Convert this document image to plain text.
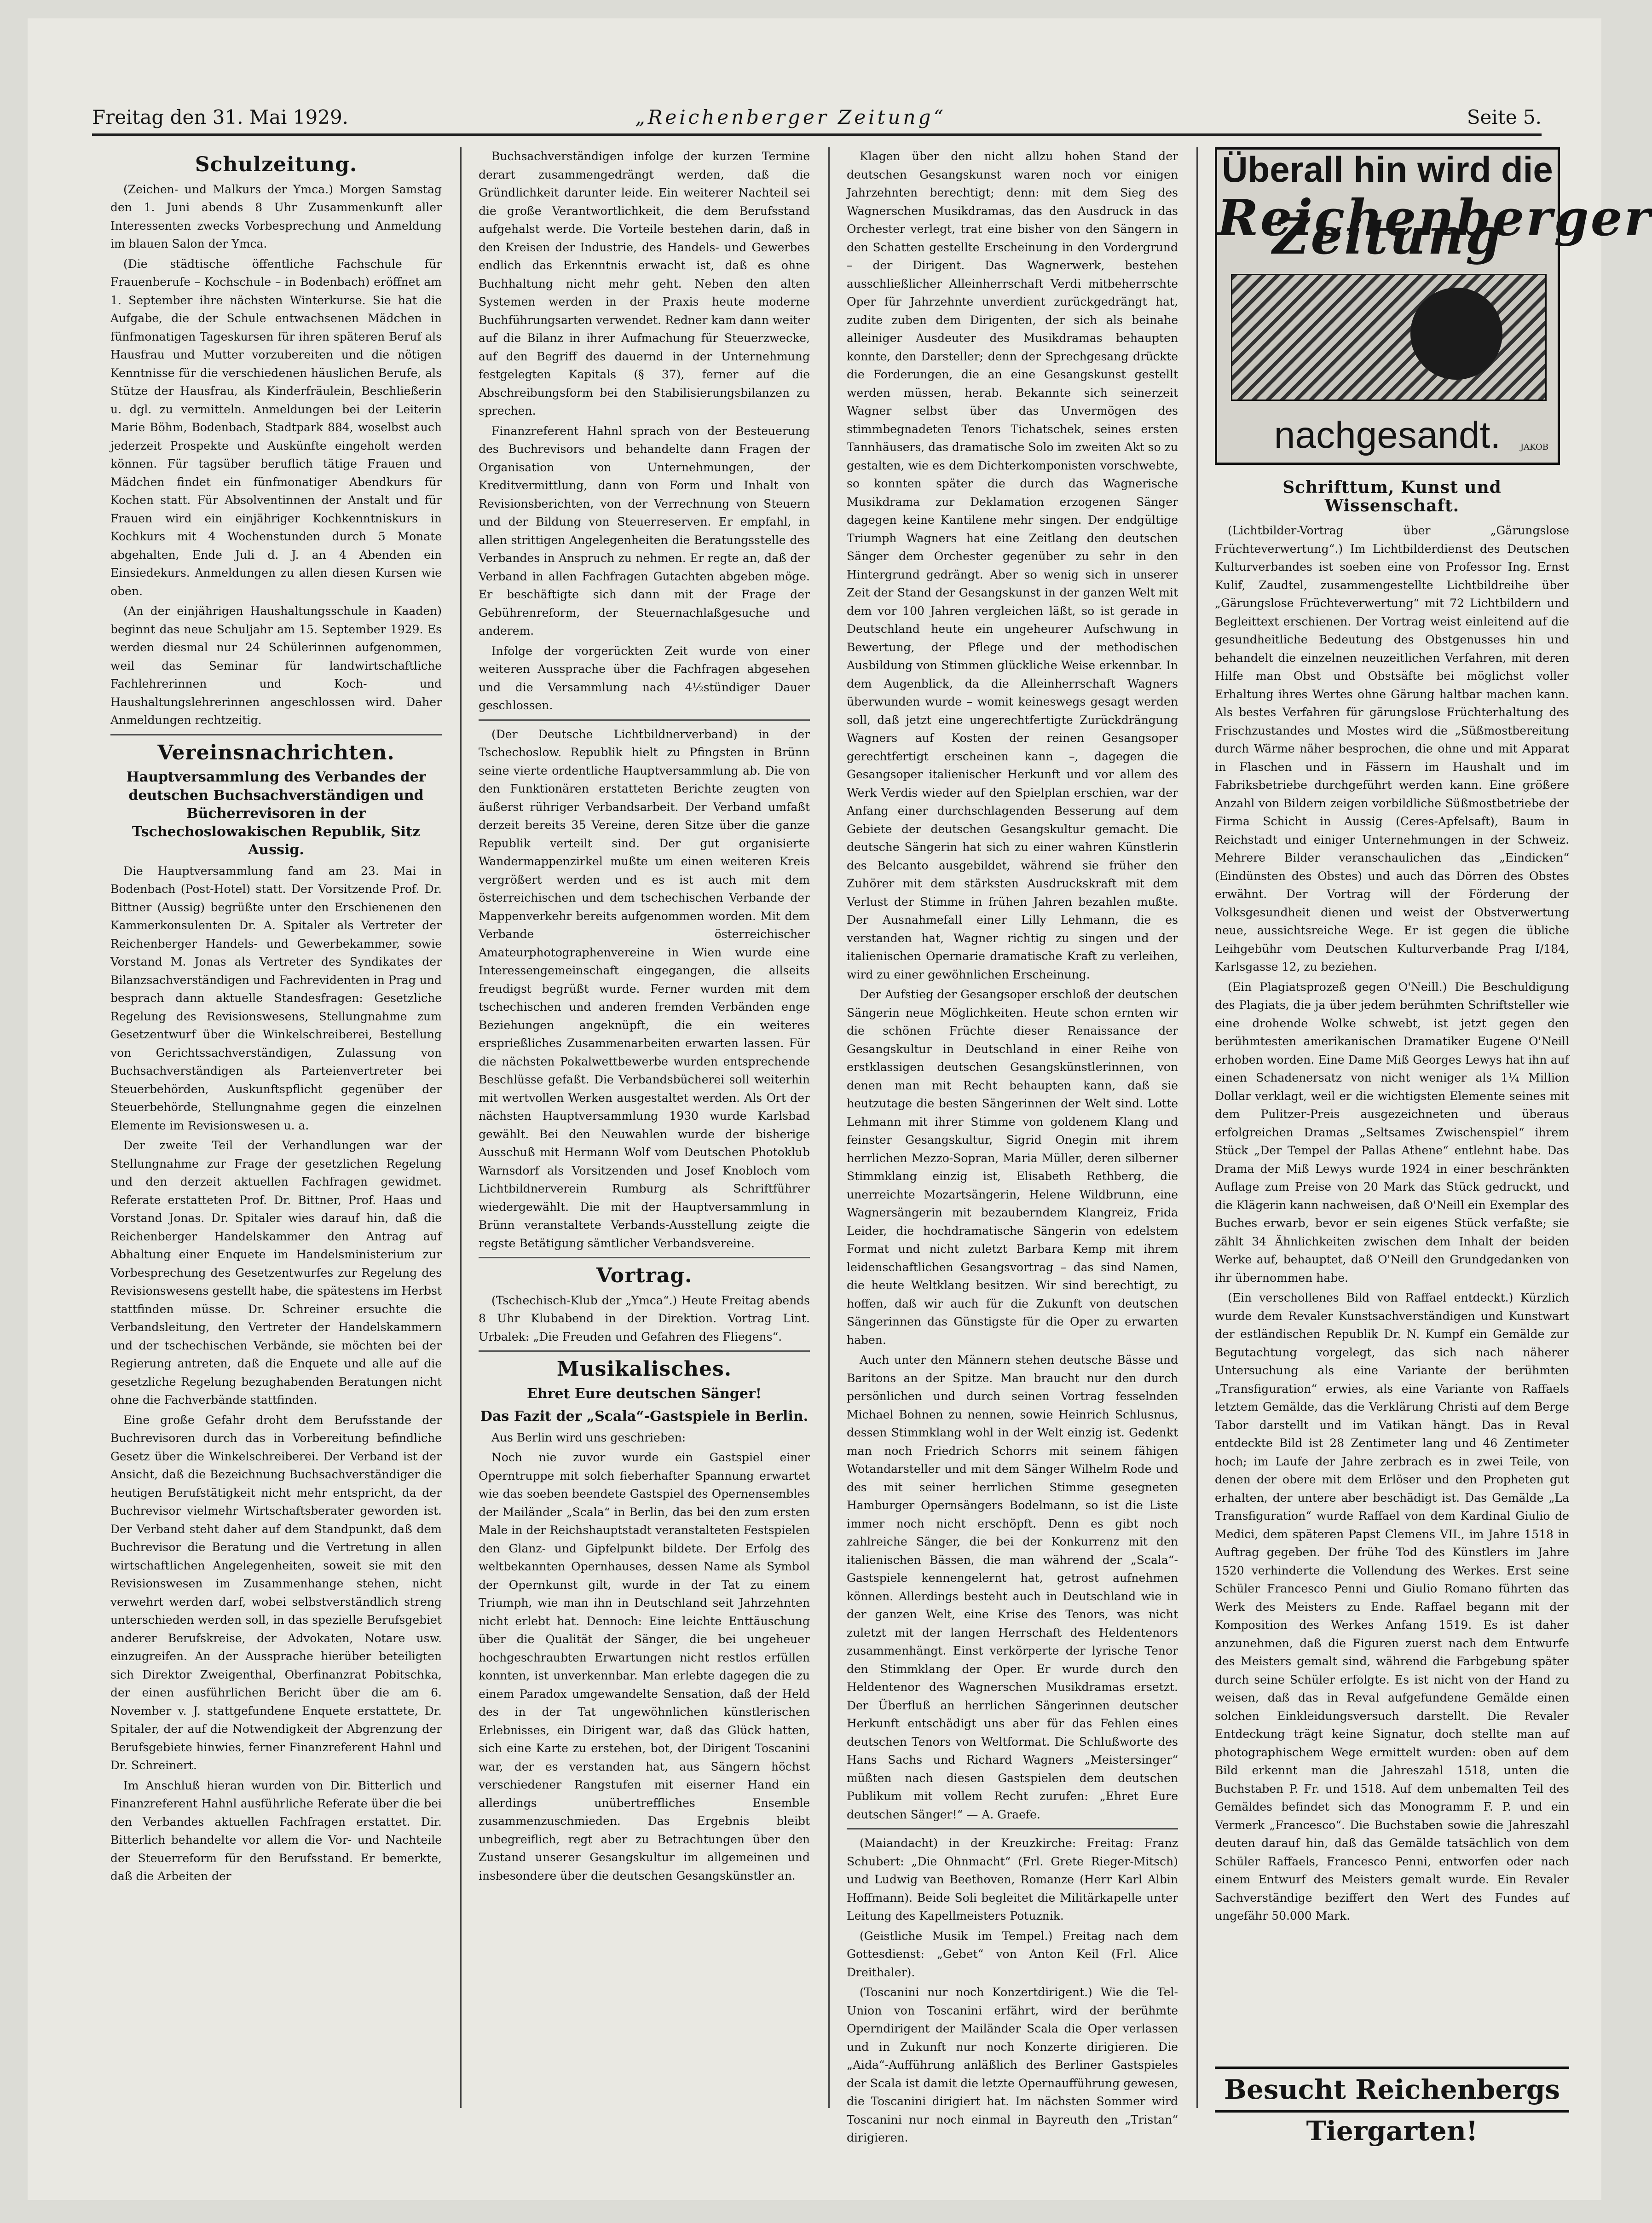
Freitag den 31. Mai 1929.	„Reichenberger Zeitung“	Seite 5.
Schulzeitung.

(Zeichen- und Malkurs der Ymca.) Morgen Samstag den 1. Juni abends 8 Uhr Zusammenkunft aller Interessenten zwecks Vorbesprechung und Anmeldung im blauen Salon der Ymca.

(Die städtische öffentliche Fachschule für Frauenberufe – Kochschule – in Bodenbach) eröffnet am 1. September ihre nächsten Winterkurse. Sie hat die Aufgabe, die der Schule entwachsenen Mädchen in fünfmonatigen Tageskursen für ihren späteren Beruf als Hausfrau und Mutter vorzubereiten und die nötigen Kenntnisse für die verschiedenen häuslichen Berufe, als Stütze der Hausfrau, als Kinderfräulein, Beschließerin u. dgl. zu vermitteln. Anmeldungen bei der Leiterin Marie Böhm, Bodenbach, Stadtpark 884, woselbst auch jederzeit Prospekte und Auskünfte eingeholt werden können. Für tagsüber beruflich tätige Frauen und Mädchen findet ein fünfmonatiger Abendkurs für Kochen statt. Für Absolventinnen der Anstalt und für Frauen wird ein einjähriger Kochkenntniskurs in Kochkurs mit 4 Wochenstunden durch 5 Monate abgehalten, Ende Juli d. J. an 4 Abenden ein Einsiedekurs. Anmeldungen zu allen diesen Kursen wie oben.

(An der einjährigen Haushaltungsschule in Kaaden) beginnt das neue Schuljahr am 15. September 1929. Es werden diesmal nur 24 Schülerinnen aufgenommen, weil das Seminar für landwirtschaftliche Fachlehrerinnen und Koch- und Haushaltungslehrerinnen angeschlossen wird. Daher Anmeldungen rechtzeitig.

Vereinsnachrichten.
Hauptversammlung des Verbandes der deutschen Buchsachverständigen und Bücherrevisoren in der Tschechoslowakischen Republik, Sitz Aussig.

Die Hauptversammlung fand am 23. Mai in Bodenbach (Post-Hotel) statt. Der Vorsitzende Prof. Dr. Bittner (Aussig) begrüßte unter den Erschienenen den Kammerkonsulenten Dr. A. Spitaler als Vertreter der Reichenberger Handels- und Gewerbekammer, sowie Vorstand M. Jonas als Vertreter des Syndikates der Bilanzsachverständigen und Fachrevidenten in Prag und besprach dann aktuelle Standesfragen: Gesetzliche Regelung des Revisionswesens, Stellungnahme zum Gesetzentwurf über die Winkelschreiberei, Bestellung von Gerichtssachverständigen, Zulassung von Buchsachverständigen als Parteienvertreter bei Steuerbehörden, Auskunftspflicht gegenüber der Steuerbehörde, Stellungnahme gegen die einzelnen Elemente im Revisionswesen u. a.

Der zweite Teil der Verhandlungen war der Stellungnahme zur Frage der gesetzlichen Regelung und den derzeit aktuellen Fachfragen gewidmet. Referate erstatteten Prof. Dr. Bittner, Prof. Haas und Vorstand Jonas. Dr. Spitaler wies darauf hin, daß die Reichenberger Handelskammer den Antrag auf Abhaltung einer Enquete im Handelsministerium zur Vorbesprechung des Gesetzentwurfes zur Regelung des Revisionswesens gestellt habe, die spätestens im Herbst stattfinden müsse. Dr. Schreiner ersuchte die Verbandsleitung, den Vertreter der Handelskammern und der tschechischen Verbände, sie möchten bei der Regierung antreten, daß die Enquete und alle auf die gesetzliche Regelung bezughabenden Beratungen nicht ohne die Fachverbände stattfinden.

Eine große Gefahr droht dem Berufsstande der Buchrevisoren durch das in Vorbereitung befindliche Gesetz über die Winkelschreiberei. Der Verband ist der Ansicht, daß die Bezeichnung Buchsachverständiger die heutigen Berufstätigkeit nicht mehr entspricht, da der Buchrevisor vielmehr Wirtschaftsberater geworden ist. Der Verband steht daher auf dem Standpunkt, daß dem Buchrevisor die Beratung und die Vertretung in allen wirtschaftlichen Angelegenheiten, soweit sie mit den Revisionswesen im Zusammenhange stehen, nicht verwehrt werden darf, wobei selbstverständlich streng unterschieden werden soll, in das spezielle Berufsgebiet anderer Berufskreise, der Advokaten, Notare usw. einzugreifen. An der Aussprache hierüber beteiligten sich Direktor Zweigenthal, Oberfinanzrat Pobitschka, der einen ausführlichen Bericht über die am 6. November v. J. stattgefundene Enquete erstattete, Dr. Spitaler, der auf die Notwendigkeit der Abgrenzung der Berufsgebiete hinwies, ferner Finanzreferent Hahnl und Dr. Schreinert.

Im Anschluß hieran wurden von Dir. Bitterlich und Finanzreferent Hahnl ausführliche Referate über die bei den Verbandes aktuellen Fachfragen erstattet. Dir. Bitterlich behandelte vor allem die Vor- und Nachteile der Steuerreform für den Berufsstand. Er bemerkte, daß die Arbeiten der

Buchsachverständigen infolge der kurzen Termine derart zusammengedrängt werden, daß die Gründlichkeit darunter leide. Ein weiterer Nachteil sei die große Verantwortlichkeit, die dem Berufsstand aufgehalst werde. Die Vorteile bestehen darin, daß in den Kreisen der Industrie, des Handels- und Gewerbes endlich das Erkenntnis erwacht ist, daß es ohne Buchhaltung nicht mehr geht. Neben den alten Systemen werden in der Praxis heute moderne Buchführungsarten verwendet. Redner kam dann weiter auf die Bilanz in ihrer Aufmachung für Steuerzwecke, auf den Begriff des dauernd in der Unternehmung festgelegten Kapitals (§ 37), ferner auf die Abschreibungsform bei den Stabilisierungsbilanzen zu sprechen.

Finanzreferent Hahnl sprach von der Besteuerung des Buchrevisors und behandelte dann Fragen der Organisation von Unternehmungen, der Kreditvermittlung, dann von Form und Inhalt von Revisionsberichten, von der Verrechnung von Steuern und der Bildung von Steuerreserven. Er empfahl, in allen strittigen Angelegenheiten die Beratungsstelle des Verbandes in Anspruch zu nehmen. Er regte an, daß der Verband in allen Fachfragen Gutachten abgeben möge. Er beschäftigte sich dann mit der Frage der Gebührenreform, der Steuernachlaßgesuche und anderem.

Infolge der vorgerückten Zeit wurde von einer weiteren Aussprache über die Fachfragen abgesehen und die Versammlung nach 4½stündiger Dauer geschlossen.

(Der Deutsche Lichtbildnerverband) in der Tschechoslow. Republik hielt zu Pfingsten in Brünn seine vierte ordentliche Hauptversammlung ab. Die von den Funktionären erstatteten Berichte zeugten von äußerst rühriger Verbandsarbeit. Der Verband umfaßt derzeit bereits 35 Vereine, deren Sitze über die ganze Republik verteilt sind. Der gut organisierte Wandermappenzirkel mußte um einen weiteren Kreis vergrößert werden und es ist auch mit dem österreichischen und dem tschechischen Verbande der Mappenverkehr bereits aufgenommen worden. Mit dem Verbande österreichischer Amateurphotographenvereine in Wien wurde eine Interessengemeinschaft eingegangen, die allseits freudigst begrüßt wurde. Ferner wurden mit dem tschechischen und anderen fremden Verbänden enge Beziehungen angeknüpft, die ein weiteres ersprießliches Zusammenarbeiten erwarten lassen. Für die nächsten Pokalwettbewerbe wurden entsprechende Beschlüsse gefaßt. Die Verbandsbücherei soll weiterhin mit wertvollen Werken ausgestaltet werden. Als Ort der nächsten Hauptversammlung 1930 wurde Karlsbad gewählt. Bei den Neuwahlen wurde der bisherige Ausschuß mit Hermann Wolf vom Deutschen Photoklub Warnsdorf als Vorsitzenden und Josef Knobloch vom Lichtbildnerverein Rumburg als Schriftführer wiedergewählt. Die mit der Hauptversammlung in Brünn veranstaltete Verbands-Ausstellung zeigte die regste Betätigung sämtlicher Verbandsvereine.

Vortrag.

(Tschechisch-Klub der „Ymca“.) Heute Freitag abends 8 Uhr Klubabend in der Direktion. Vortrag Lint. Urbalek: „Die Freuden und Gefahren des Fliegens“.

Musikalisches.
Ehret Eure deutschen Sänger!
Das Fazit der „Scala“-Gastspiele in Berlin.

Aus Berlin wird uns geschrieben:

Noch nie zuvor wurde ein Gastspiel einer Operntruppe mit solch fieberhafter Spannung erwartet wie das soeben beendete Gastspiel des Opernensembles der Mailänder „Scala“ in Berlin, das bei den zum ersten Male in der Reichshauptstadt veranstalteten Festspielen den Glanz- und Gipfelpunkt bildete. Der Erfolg des weltbekannten Opernhauses, dessen Name als Symbol der Opernkunst gilt, wurde in der Tat zu einem Triumph, wie man ihn in Deutschland seit Jahrzehnten nicht erlebt hat. Dennoch: Eine leichte Enttäuschung über die Qualität der Sänger, die bei ungeheuer hochgeschraubten Erwartungen nicht restlos erfüllen konnten, ist unverkennbar. Man erlebte dagegen die zu einem Paradox umgewandelte Sensation, daß der Held des in der Tat ungewöhnlichen künstlerischen Erlebnisses, ein Dirigent war, daß das Glück hatten, sich eine Karte zu erstehen, bot, der Dirigent Toscanini war, der es verstanden hat, aus Sängern höchst verschiedener Rangstufen mit eiserner Hand ein allerdings unübertreffliches Ensemble zusammenzuschmieden. Das Ergebnis bleibt unbegreiflich, regt aber zu Betrachtungen über den Zustand unserer Gesangskultur im allgemeinen und insbesondere über die deutschen Gesangskünstler an.

Klagen über den nicht allzu hohen Stand der deutschen Gesangskunst waren noch vor einigen Jahrzehnten berechtigt; denn: mit dem Sieg des Wagnerschen Musikdramas, das den Ausdruck in das Orchester verlegt, trat eine bisher von den Sängern in den Schatten gestellte Erscheinung in den Vordergrund – der Dirigent. Das Wagnerwerk, bestehen ausschließlicher Alleinherrschaft Verdi mitbeherrschte Oper für Jahrzehnte unverdient zurückgedrängt hat, zudite zuben dem Dirigenten, der sich als beinahe alleiniger Ausdeuter des Musikdramas behaupten konnte, den Darsteller; denn der Sprechgesang drückte die Forderungen, die an eine Gesangskunst gestellt werden müssen, herab. Bekannte sich seinerzeit Wagner selbst über das Unvermögen des stimmbegnadeten Tenors Tichatschek, seines ersten Tannhäusers, das dramatische Solo im zweiten Akt so zu gestalten, wie es dem Dichterkomponisten vorschwebte, so konnten später die durch das Wagnerische Musikdrama zur Deklamation erzogenen Sänger dagegen keine Kantilene mehr singen. Der endgültige Triumph Wagners hat eine Zeitlang den deutschen Sänger dem Orchester gegenüber zu sehr in den Hintergrund gedrängt. Aber so wenig sich in unserer Zeit der Stand der Gesangskunst in der ganzen Welt mit dem vor 100 Jahren vergleichen läßt, so ist gerade in Deutschland heute ein ungeheurer Aufschwung in Bewertung, der Pflege und der methodischen Ausbildung von Stimmen glückliche Weise erkennbar. In dem Augenblick, da die Alleinherrschaft Wagners überwunden wurde – womit keineswegs gesagt werden soll, daß jetzt eine ungerechtfertigte Zurückdrängung Wagners auf Kosten der reinen Gesangsoper gerechtfertigt erscheinen kann –, dagegen die Gesangsoper italienischer Herkunft und vor allem des Werk Verdis wieder auf den Spielplan erschien, war der Anfang einer durchschlagenden Besserung auf dem Gebiete der deutschen Gesangskultur gemacht. Die deutsche Sängerin hat sich zu einer wahren Künstlerin des Belcanto ausgebildet, während sie früher den Zuhörer mit dem stärksten Ausdruckskraft mit dem Verlust der Stimme in frühen Jahren bezahlen mußte. Der Ausnahmefall einer Lilly Lehmann, die es verstanden hat, Wagner richtig zu singen und der italienischen Opernarie dramatische Kraft zu verleihen, wird zu einer gewöhnlichen Erscheinung.

Der Aufstieg der Gesangsoper erschloß der deutschen Sängerin neue Möglichkeiten. Heute schon ernten wir die schönen Früchte dieser Renaissance der Gesangskultur in Deutschland in einer Reihe von erstklassigen deutschen Gesangskünstlerinnen, von denen man mit Recht behaupten kann, daß sie heutzutage die besten Sängerinnen der Welt sind. Lotte Lehmann mit ihrer Stimme von goldenem Klang und feinster Gesangskultur, Sigrid Onegin mit ihrem herrlichen Mezzo-Sopran, Maria Müller, deren silberner Stimmklang einzig ist, Elisabeth Rethberg, die unerreichte Mozartsängerin, Helene Wildbrunn, eine Wagnersängerin mit bezauberndem Klangreiz, Frida Leider, die hochdramatische Sängerin von edelstem Format und nicht zuletzt Barbara Kemp mit ihrem leidenschaftlichen Gesangsvortrag – das sind Namen, die heute Weltklang besitzen. Wir sind berechtigt, zu hoffen, daß wir auch für die Zukunft von deutschen Sängerinnen das Günstigste für die Oper zu erwarten haben.

Auch unter den Männern stehen deutsche Bässe und Baritons an der Spitze. Man braucht nur den durch persönlichen und durch seinen Vortrag fesselnden Michael Bohnen zu nennen, sowie Heinrich Schlusnus, dessen Stimmklang wohl in der Welt einzig ist. Gedenkt man noch Friedrich Schorrs mit seinem fähigen Wotandarsteller und mit dem Sänger Wilhelm Rode und des mit seiner herrlichen Stimme gesegneten Hamburger Opernsängers Bodelmann, so ist die Liste immer noch nicht erschöpft. Denn es gibt noch zahlreiche Sänger, die bei der Konkurrenz mit den italienischen Bässen, die man während der „Scala“-Gastspiele kennengelernt hat, getrost aufnehmen können. Allerdings besteht auch in Deutschland wie in der ganzen Welt, eine Krise des Tenors, was nicht zuletzt mit der langen Herrschaft des Heldentenors zusammenhängt. Einst verkörperte der lyrische Tenor den Stimmklang der Oper. Er wurde durch den Heldentenor des Wagnerschen Musikdramas ersetzt. Der Überfluß an herrlichen Sängerinnen deutscher Herkunft entschädigt uns aber für das Fehlen eines deutschen Tenors von Weltformat. Die Schlußworte des Hans Sachs und Richard Wagners „Meistersinger“ müßten nach diesen Gastspielen dem deutschen Publikum mit vollem Recht zurufen: „Ehret Eure deutschen Sänger!“ — A. Graefe.

(Maiandacht) in der Kreuzkirche: Freitag: Franz Schubert: „Die Ohnmacht“ (Frl. Grete Rieger-Mitsch) und Ludwig van Beethoven, Romanze (Herr Karl Albin Hoffmann). Beide Soli begleitet die Militärkapelle unter Leitung des Kapellmeisters Potuznik.

(Geistliche Musik im Tempel.) Freitag nach dem Gottesdienst: „Gebet“ von Anton Keil (Frl. Alice Dreithaler).

(Toscanini nur noch Konzertdirigent.) Wie die Tel-Union von Toscanini erfährt, wird der berühmte Operndirigent der Mailänder Scala die Oper verlassen und in Zukunft nur noch Konzerte dirigieren. Die „Aida“-Aufführung anläßlich des Berliner Gastspieles der Scala ist damit die letzte Opernaufführung gewesen, die Toscanini dirigiert hat. Im nächsten Sommer wird Toscanini nur noch einmal in Bayreuth den „Tristan“ dirigieren.

Überall hin wird die
Reichenberger Zeitung
nachgesandt.	JAKOB
Schrifttum, Kunst und Wissenschaft.

(Lichtbilder-Vortrag über „Gärungslose Früchteverwertung“.) Im Lichtbilderdienst des Deutschen Kulturverbandes ist soeben eine von Professor Ing. Ernst Kulif, Zaudtel, zusammengestellte Lichtbildreihe über „Gärungslose Früchteverwertung“ mit 72 Lichtbildern und Begleittext erschienen. Der Vortrag weist einleitend auf die gesundheitliche Bedeutung des Obstgenusses hin und behandelt die einzelnen neuzeitlichen Verfahren, mit deren Hilfe man Obst und Obstsäfte bei möglichst voller Erhaltung ihres Wertes ohne Gärung haltbar machen kann. Als bestes Verfahren für gärungslose Früchterhaltung des Frischzustandes und Mostes wird die „Süßmostbereitung durch Wärme näher besprochen, die ohne und mit Apparat in Flaschen und in Fässern im Haushalt und im Fabriksbetriebe durchgeführt werden kann. Eine größere Anzahl von Bildern zeigen vorbildliche Süßmostbetriebe der Firma Schicht in Aussig (Ceres-Apfelsaft), Baum in Reichstadt und einiger Unternehmungen in der Schweiz. Mehrere Bilder veranschaulichen das „Eindicken“ (Eindünsten des Obstes) und auch das Dörren des Obstes erwähnt. Der Vortrag will der Förderung der Volksgesundheit dienen und weist der Obstverwertung neue, aussichtsreiche Wege. Er ist gegen die übliche Leihgebühr vom Deutschen Kulturverbande Prag I/184, Karlsgasse 12, zu beziehen.

(Ein Plagiatsprozeß gegen O'Neill.) Die Beschuldigung des Plagiats, die ja über jedem berühmten Schriftsteller wie eine drohende Wolke schwebt, ist jetzt gegen den berühmtesten amerikanischen Dramatiker Eugene O'Neill erhoben worden. Eine Dame Miß Georges Lewys hat ihn auf einen Schadenersatz von nicht weniger als 1¼ Million Dollar verklagt, weil er die wichtigsten Elemente seines mit dem Pulitzer-Preis ausgezeichneten und überaus erfolgreichen Dramas „Seltsames Zwischenspiel“ ihrem Stück „Der Tempel der Pallas Athene“ entlehnt habe. Das Drama der Miß Lewys wurde 1924 in einer beschränkten Auflage zum Preise von 20 Mark das Stück gedruckt, und die Klägerin kann nachweisen, daß O'Neill ein Exemplar des Buches erwarb, bevor er sein eigenes Stück verfaßte; sie zählt 34 Ähnlichkeiten zwischen dem Inhalt der beiden Werke auf, behauptet, daß O'Neill den Grundgedanken von ihr übernommen habe.

(Ein verschollenes Bild von Raffael entdeckt.) Kürzlich wurde dem Revaler Kunstsachverständigen und Kunstwart der estländischen Republik Dr. N. Kumpf ein Gemälde zur Begutachtung vorgelegt, das sich nach näherer Untersuchung als eine Variante der berühmten „Transfiguration“ erwies, als eine Variante von Raffaels letztem Gemälde, das die Verklärung Christi auf dem Berge Tabor darstellt und im Vatikan hängt. Das in Reval entdeckte Bild ist 28 Zentimeter lang und 46 Zentimeter hoch; im Laufe der Jahre zerbrach es in zwei Teile, von denen der obere mit dem Erlöser und den Propheten gut erhalten, der untere aber beschädigt ist. Das Gemälde „La Transfiguration“ wurde Raffael von dem Kardinal Giulio de Medici, dem späteren Papst Clemens VII., im Jahre 1518 in Auftrag gegeben. Der frühe Tod des Künstlers im Jahre 1520 verhinderte die Vollendung des Werkes. Erst seine Schüler Francesco Penni und Giulio Romano führten das Werk des Meisters zu Ende. Raffael begann mit der Komposition des Werkes Anfang 1519. Es ist daher anzunehmen, daß die Figuren zuerst nach dem Entwurfe des Meisters gemalt sind, während die Farbgebung später durch seine Schüler erfolgte. Es ist nicht von der Hand zu weisen, daß das in Reval aufgefundene Gemälde einen solchen Einkleidungsversuch darstellt. Die Revaler Entdeckung trägt keine Signatur, doch stellte man auf photographischem Wege ermittelt wurden: oben auf dem Bild erkennt man die Jahreszahl 1518, unten die Buchstaben P. Fr. und 1518. Auf dem unbemalten Teil des Gemäldes befindet sich das Monogramm F. P. und ein Vermerk „Francesco“. Die Buchstaben sowie die Jahreszahl deuten darauf hin, daß das Gemälde tatsächlich von dem Schüler Raffaels, Francesco Penni, entworfen oder nach einem Entwurf des Meisters gemalt wurde. Ein Revaler Sachverständige beziffert den Wert des Fundes auf ungefähr 50.000 Mark.

Besucht Reichenbergs Tiergarten!
